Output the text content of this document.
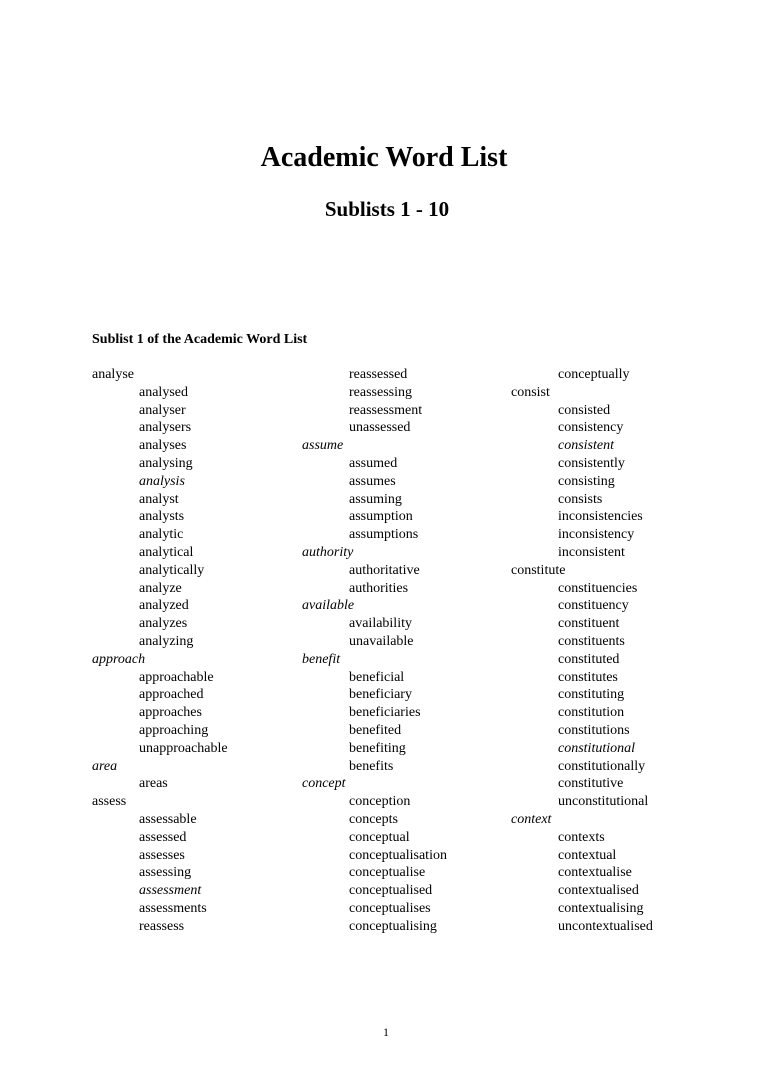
Academic Word List
Sublists 1 - 10
Sublist 1 of the Academic Word List
analyse
analysed
analyser
analysers
analyses
analysing
analysis
analyst
analysts
analytic
analytical
analytically
analyze
analyzed
analyzes
analyzing
approach
approachable
approached
approaches
approaching
unapproachable
area
areas
assess
assessable
assessed
assesses
assessing
assessment
assessments
reassess
reassessed
reassessing
reassessment
unassessed
assume
assumed
assumes
assuming
assumption
assumptions
authority
authoritative
authorities
available
availability
unavailable
benefit
beneficial
beneficiary
beneficiaries
benefited
benefiting
benefits
concept
conception
concepts
conceptual
conceptualisation
conceptualise
conceptualised
conceptualises
conceptualising
conceptually
consist
consisted
consistency
consistent
consistently
consisting
consists
inconsistencies
inconsistency
inconsistent
constitute
constituencies
constituency
constituent
constituents
constituted
constitutes
constituting
constitution
constitutions
constitutional
constitutionally
constitutive
unconstitutional
context
contexts
contextual
contextualise
contextualised
contextualising
uncontextualised
1
